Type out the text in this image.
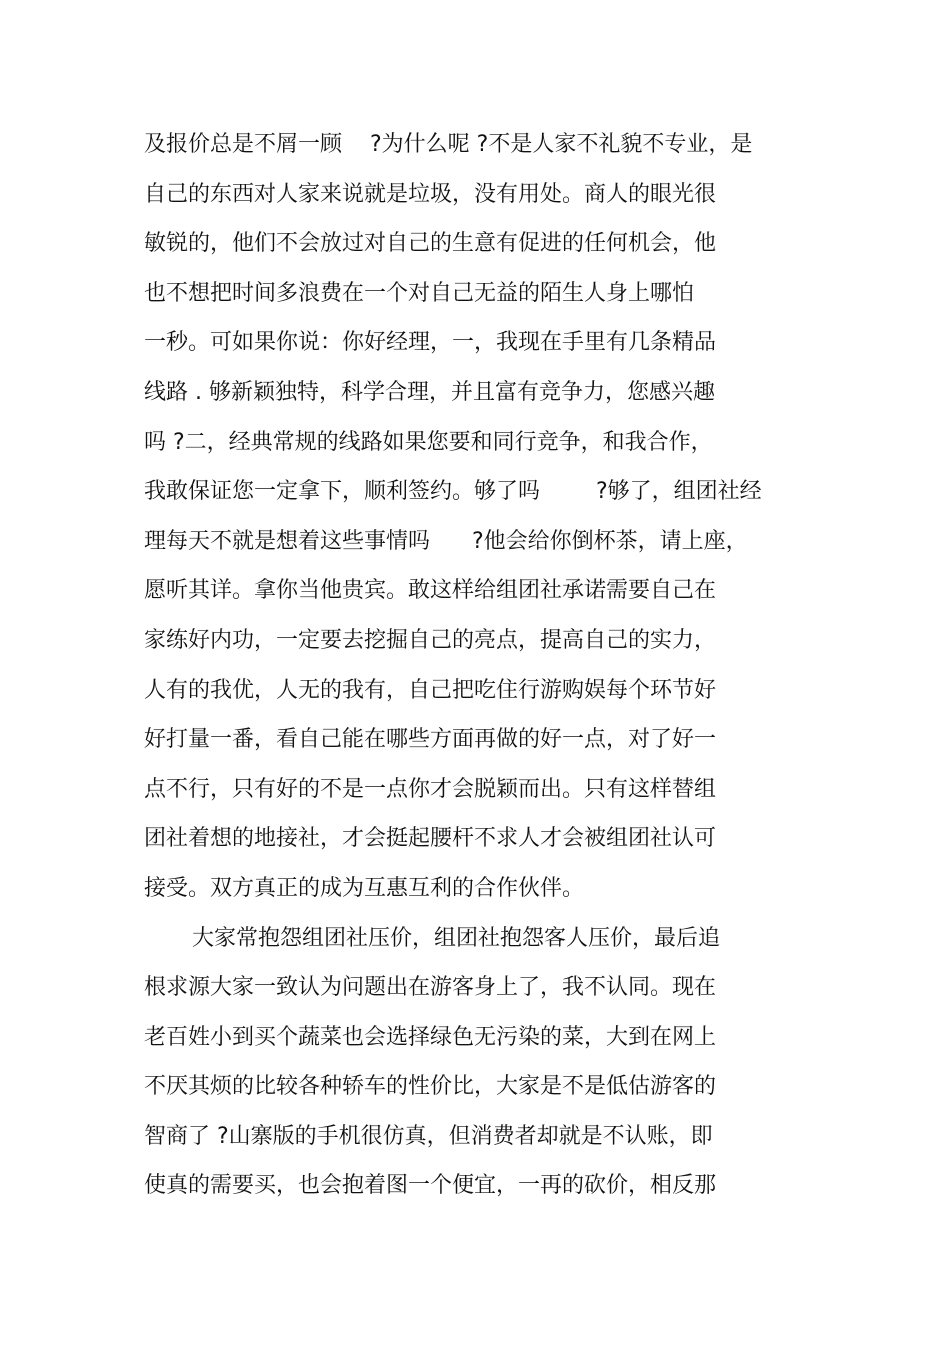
及报价总是不屑一顾    ?为什么呢 ?不是人家不礼貌不专业，是
自己的东西对人家来说就是垃圾，没有用处。商人的眼光很
敏锐的，他们不会放过对自己的生意有促进的任何机会，他
也不想把时间多浪费在一个对自己无益的陌生人身上哪怕
一秒。可如果你说：你好经理，一，我现在手里有几条精品
线路 . 够新颖独特，科学合理，并且富有竞争力，您感兴趣
吗 ?二，经典常规的线路如果您要和同行竞争，和我合作，
我敢保证您一定拿下，顺利签约。够了吗        ?够了，组团社经
理每天不就是想着这些事情吗      ?他会给你倒杯茶，请上座，
愿听其详。拿你当他贵宾。敢这样给组团社承诺需要自己在
家练好内功，一定要去挖掘自己的亮点，提高自己的实力，
人有的我优，人无的我有，自己把吃住行游购娱每个环节好
好打量一番，看自己能在哪些方面再做的好一点，对了好一
点不行，只有好的不是一点你才会脱颖而出。只有这样替组
团社着想的地接社，才会挺起腰杆不求人才会被组团社认可
接受。双方真正的成为互惠互利的合作伙伴。
大家常抱怨组团社压价，组团社抱怨客人压价，最后追
根求源大家一致认为问题出在游客身上了，我不认同。现在
老百姓小到买个蔬菜也会选择绿色无污染的菜，大到在网上
不厌其烦的比较各种轿车的性价比，大家是不是低估游客的
智商了 ?山寨版的手机很仿真，但消费者却就是不认账，即
使真的需要买，也会抱着图一个便宜，一再的砍价，相反那
